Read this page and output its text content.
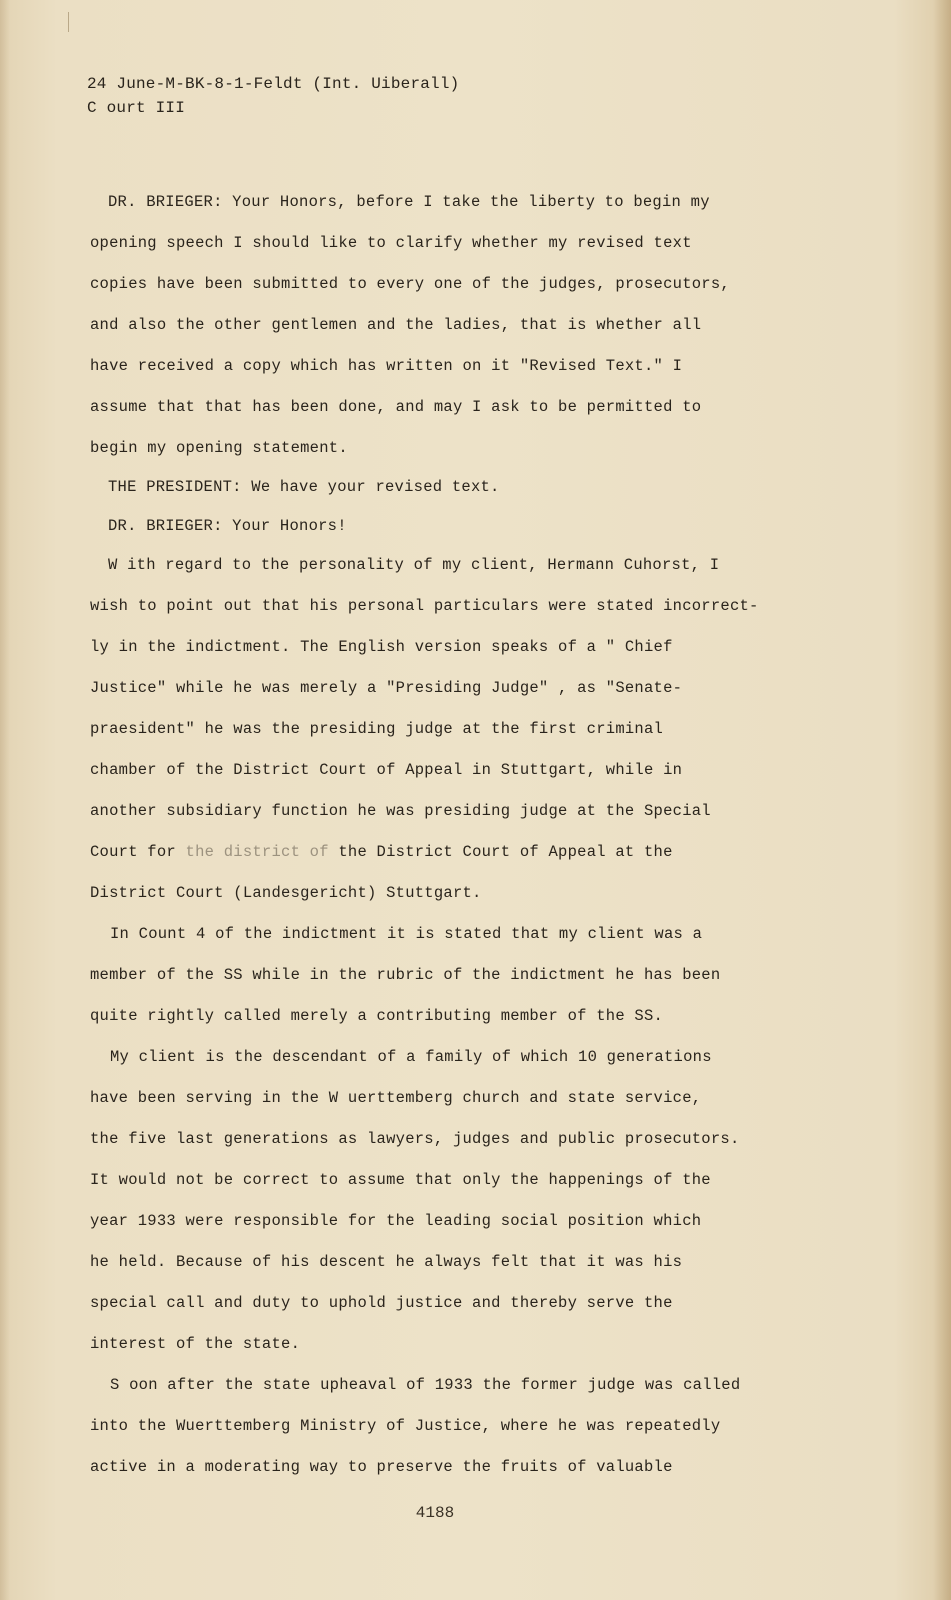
24 June-M-BK-8-1-Feldt (Int. Uiberall)
C ourt III
DR. BRIEGER: Your Honors, before I take the liberty to begin my
opening speech I should like to clarify whether my revised text
copies have been submitted to every one of the judges, prosecutors,
and also the other gentlemen and the ladies, that is whether all
have received a copy which has written on it "Revised Text." I
assume that that has been done, and may I ask to be permitted to
begin my opening statement.
THE PRESIDENT: We have your revised text.
DR. BRIEGER: Your Honors!
W ith regard to the personality of my client, Hermann Cuhorst, I
wish to point out that his personal particulars were stated incorrect-
ly in the indictment. The English version speaks of a " Chief
Justice" while he was merely a "Presiding Judge" , as "Senate-
praesident" he was the presiding judge at the first criminal
chamber of the District Court of Appeal in Stuttgart, while in
another subsidiary function he was presiding judge at the Special
Court for the district of the District Court of Appeal at the
District Court (Landesgericht) Stuttgart.
In Count 4 of the indictment it is stated that my client was a
member of the SS while in the rubric of the indictment he has been
quite rightly called merely a contributing member of the SS.
My client is the descendant of a family of which 10 generations
have been serving in the W uerttemberg church and state service,
the five last generations as lawyers, judges and public prosecutors.
It would not be correct to assume that only the happenings of the
year 1933 were responsible for the leading social position which
he held. Because of his descent he always felt that it was his
special call and duty to uphold justice and thereby serve the
interest of the state.
S oon after the state upheaval of 1933 the former judge was called
into the Wuerttemberg Ministry of Justice, where he was repeatedly
active in a moderating way to preserve the fruits of valuable
4188
